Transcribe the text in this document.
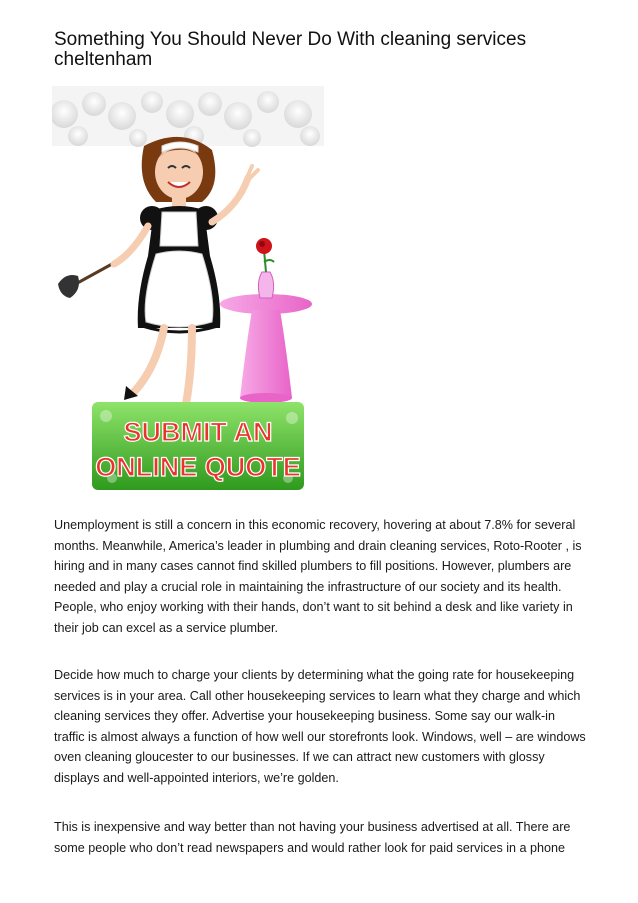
Something You Should Never Do With cleaning services cheltenham
SUBMIT AN
ONLINE QUOTE

Unemployment is still a concern in this economic recovery, hovering at about 7.8% for several months. Meanwhile, America’s leader in plumbing and drain cleaning services, Roto-Rooter , is hiring and in many cases cannot find skilled plumbers to fill positions. However, plumbers are needed and play a crucial role in maintaining the infrastructure of our society and its health. People, who enjoy working with their hands, don’t want to sit behind a desk and like variety in their job can excel as a service plumber.

Decide how much to charge your clients by determining what the going rate for housekeeping services is in your area. Call other housekeeping services to learn what they charge and which cleaning services they offer. Advertise your housekeeping business. Some say our walk-in traffic is almost always a function of how well our storefronts look. Windows, well – are windows oven cleaning gloucester to our businesses. If we can attract new customers with glossy displays and well-appointed interiors, we’re golden.

This is inexpensive and way better than not having your business advertised at all. There are some people who don’t read newspapers and would rather look for paid services in a phone
